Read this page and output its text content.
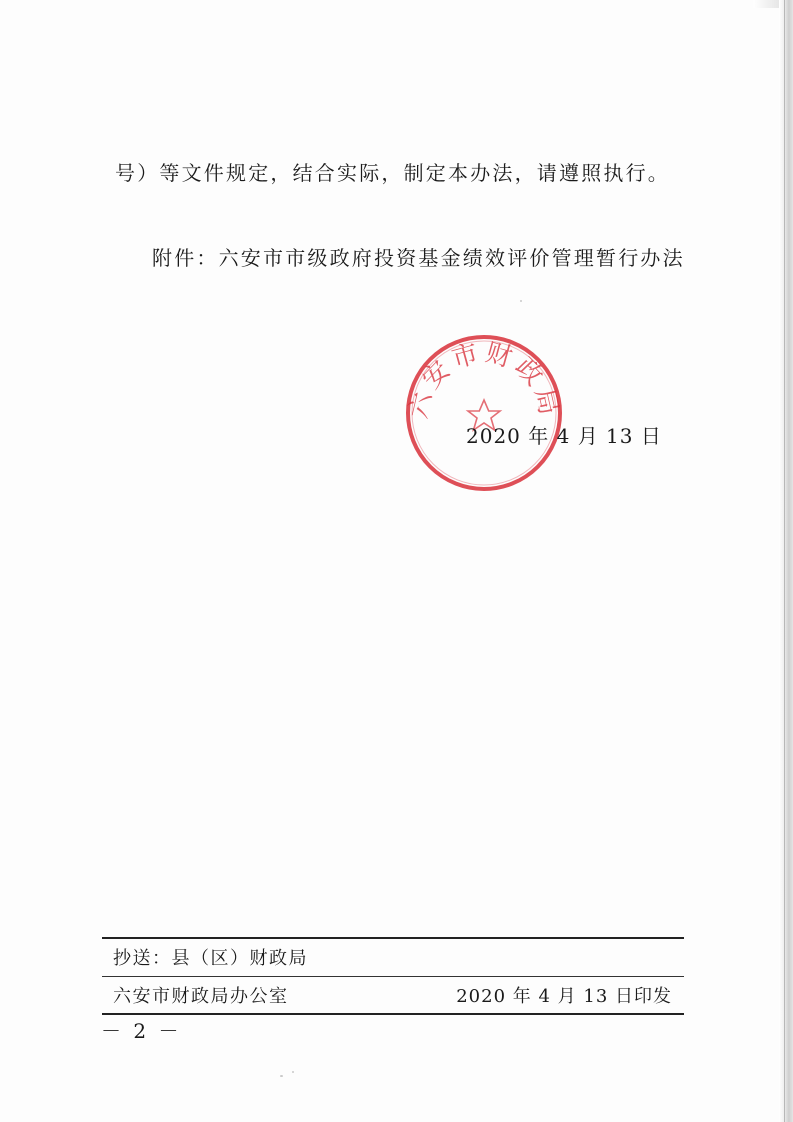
号）等文件规定，结合实际，制定本办法，请遵照执行。
附件：六安市市级政府投资基金绩效评价管理暂行办法
六安市财政局
2020 年 4 月 13 日
抄送：县（区）财政局
六安市财政局办公室	2020 年 4 月 13 日印发
－ 2 －
